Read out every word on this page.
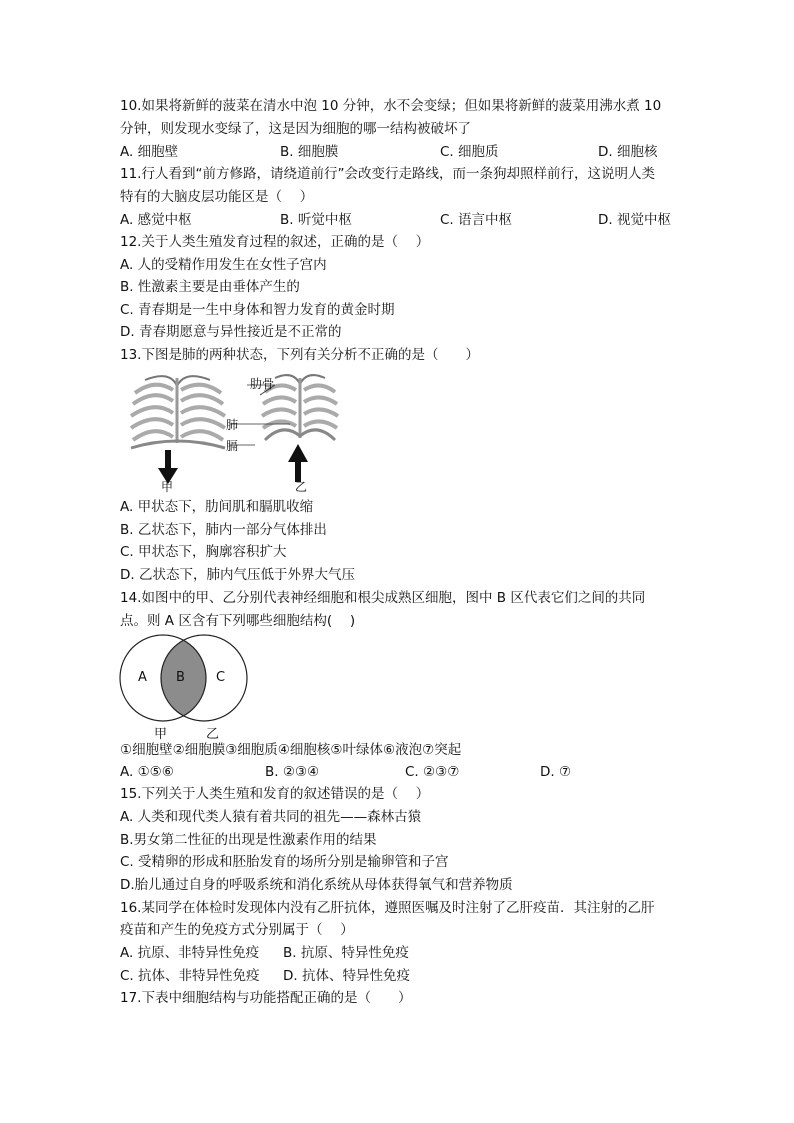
10.如果将新鲜的菠菜在清水中泡 10 分钟，水不会变绿；但如果将新鲜的菠菜用沸水煮 10
分钟，则发现水变绿了，这是因为细胞的哪一结构被破坏了
A. 细胞壁	B. 细胞膜	C. 细胞质	D. 细胞核
11.行人看到“前方修路，请绕道前行”会改变行走路线，而一条狗却照样前行，这说明人类
特有的大脑皮层功能区是（　 ）
A. 感觉中枢	B. 听觉中枢	C. 语言中枢	D. 视觉中枢
12.关于人类生殖发育过程的叙述，正确的是（　 ）
A. 人的受精作用发生在女性子宫内
B. 性激素主要是由垂体产生的
C. 青春期是一生中身体和智力发育的黄金时期
D. 青春期愿意与异性接近是不正常的
13.下图是肺的两种状态，下列有关分析不正确的是（　　）
肋骨
肺
膈
甲	乙
A. 甲状态下，肋间肌和膈肌收缩
B. 乙状态下，肺内一部分气体排出
C. 甲状态下，胸廓容积扩大
D. 乙状态下，肺内气压低于外界大气压
14.如图中的甲、乙分别代表神经细胞和根尖成熟区细胞，图中 B 区代表它们之间的共同
点。则 A 区含有下列哪些细胞结构(　 )
A B C
甲	乙
①细胞壁②细胞膜③细胞质④细胞核⑤叶绿体⑥液泡⑦突起
A. ①⑤⑥	B. ②③④	C. ②③⑦	D. ⑦
15.下列关于人类生殖和发育的叙述错误的是（　 ）
A. 人类和现代类人猿有着共同的祖先——森林古猿
B.男女第二性征的出现是性激素作用的结果
C. 受精卵的形成和胚胎发育的场所分别是输卵管和子宫
D.胎儿通过自身的呼吸系统和消化系统从母体获得氧气和营养物质
16.某同学在体检时发现体内没有乙肝抗体，遵照医嘱及时注射了乙肝疫苗．其注射的乙肝
疫苗和产生的免疫方式分别属于（　 ）
A. 抗原、非特异性免疫 B. 抗原、特异性免疫
C. 抗体、非特异性免疫 D. 抗体、特异性免疫
17.下表中细胞结构与功能搭配正确的是（　　）
